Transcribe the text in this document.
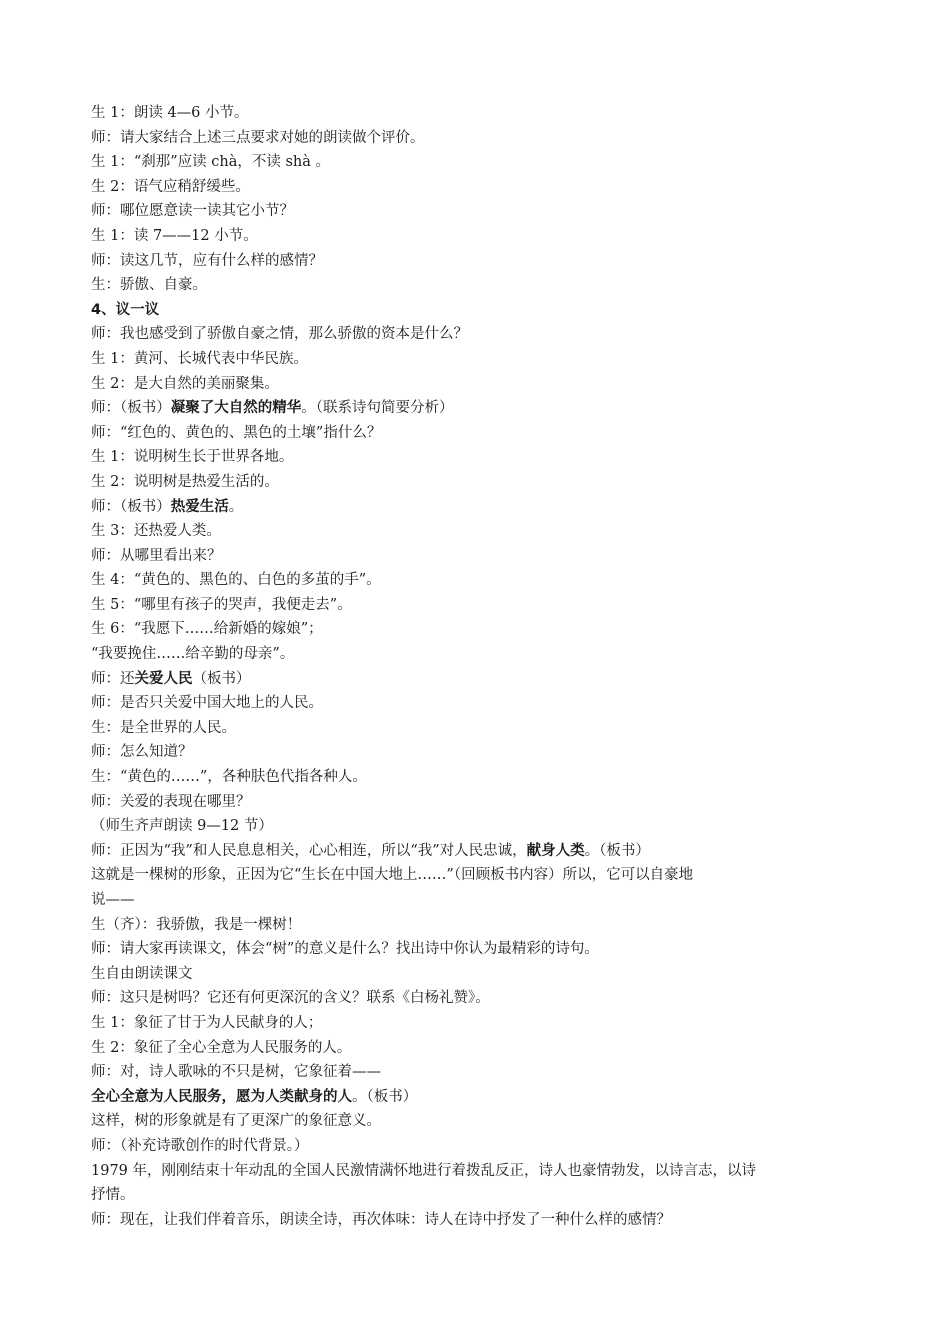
生 1：朗读 4—6 小节。
师：请大家结合上述三点要求对她的朗读做个评价。
生 1：“刹那”应读 chà，不读 shà 。
生 2：语气应稍舒缓些。
师：哪位愿意读一读其它小节？
生 1：读 7——12 小节。
师：读这几节，应有什么样的感情？
生：骄傲、自豪。
4、议一议
师：我也感受到了骄傲自豪之情，那么骄傲的资本是什么？
生 1：黄河、长城代表中华民族。
生 2：是大自然的美丽聚集。
师：（板书）凝聚了大自然的精华。（联系诗句简要分析）
师：“红色的、黄色的、黑色的土壤”指什么？
生 1：说明树生长于世界各地。
生 2：说明树是热爱生活的。
师：（板书）热爱生活。
生 3：还热爱人类。
师：从哪里看出来？
生 4：“黄色的、黑色的、白色的多茧的手”。
生 5：“哪里有孩子的哭声，我便走去”。
生 6：“我愿下……给新婚的嫁娘”；
“我要挽住……给辛勤的母亲”。
师：还关爱人民（板书）
师：是否只关爱中国大地上的人民。
生：是全世界的人民。
师：怎么知道？
生：“黄色的……”，各种肤色代指各种人。
师：关爱的表现在哪里？
（师生齐声朗读 9—12 节）
师：正因为“我”和人民息息相关，心心相连，所以“我”对人民忠诚，献身人类。（板书）
这就是一棵树的形象，正因为它“生长在中国大地上……”（回顾板书内容）所以，它可以自豪地
说——
生（齐）：我骄傲，我是一棵树！
师：请大家再读课文，体会“树”的意义是什么？找出诗中你认为最精彩的诗句。
生自由朗读课文
师：这只是树吗？它还有何更深沉的含义？联系《白杨礼赞》。
生 1：象征了甘于为人民献身的人；
生 2：象征了全心全意为人民服务的人。
师：对，诗人歌咏的不只是树，它象征着——
全心全意为人民服务，愿为人类献身的人。（板书）
这样，树的形象就是有了更深广的象征意义。
师：（补充诗歌创作的时代背景。）
1979 年，刚刚结束十年动乱的全国人民激情满怀地进行着拨乱反正，诗人也豪情勃发，以诗言志，以诗
抒情。
师：现在，让我们伴着音乐，朗读全诗，再次体味：诗人在诗中抒发了一种什么样的感情？
